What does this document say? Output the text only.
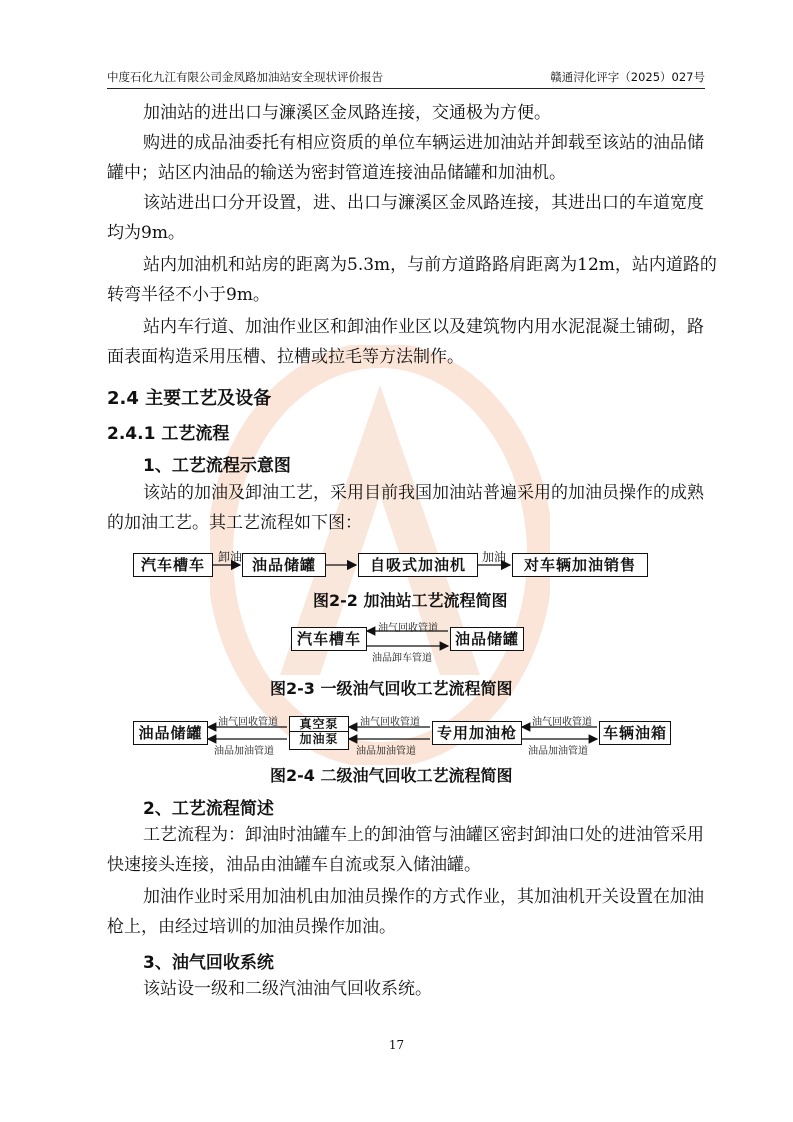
中度石化九江有限公司金凤路加油站安全现状评价报告	赣通浔化评字（2025）027号
加油站的进出口与濂溪区金凤路连接，交通极为方便。
购进的成品油委托有相应资质的单位车辆运进加油站并卸载至该站的油品储罐中；站区内油品的输送为密封管道连接油品储罐和加油机。
该站进出口分开设置，进、出口与濂溪区金凤路连接，其进出口的车道宽度均为9m。
站内加油机和站房的距离为5.3m，与前方道路路肩距离为12m，站内道路的转弯半径不小于9m。
站内车行道、加油作业区和卸油作业区以及建筑物内用水泥混凝土铺砌，路面表面构造采用压槽、拉槽或拉毛等方法制作。
2.4 主要工艺及设备
2.4.1 工艺流程
1、工艺流程示意图
该站的加油及卸油工艺，采用目前我国加油站普遍采用的加油员操作的成熟的加油工艺。其工艺流程如下图：
汽车槽车	卸油 油品储罐	自吸式加油机	加油	对车辆加油销售
图2-2 加油站工艺流程简图
汽车槽车
油气回收管道
油品卸车管道
油品储罐
图2-3 一级油气回收工艺流程简图
油品储罐
油气回收管道
油品加油管道
真空泵
加油泵
油气回收管道
油品加油管道
专用加油枪
油气回收管道
油品加油管道
车辆油箱
图2-4 二级油气回收工艺流程简图
2、工艺流程简述
工艺流程为：卸油时油罐车上的卸油管与油罐区密封卸油口处的进油管采用快速接头连接，油品由油罐车自流或泵入储油罐。
加油作业时采用加油机由加油员操作的方式作业，其加油机开关设置在加油枪上，由经过培训的加油员操作加油。
3、油气回收系统
该站设一级和二级汽油油气回收系统。
17
